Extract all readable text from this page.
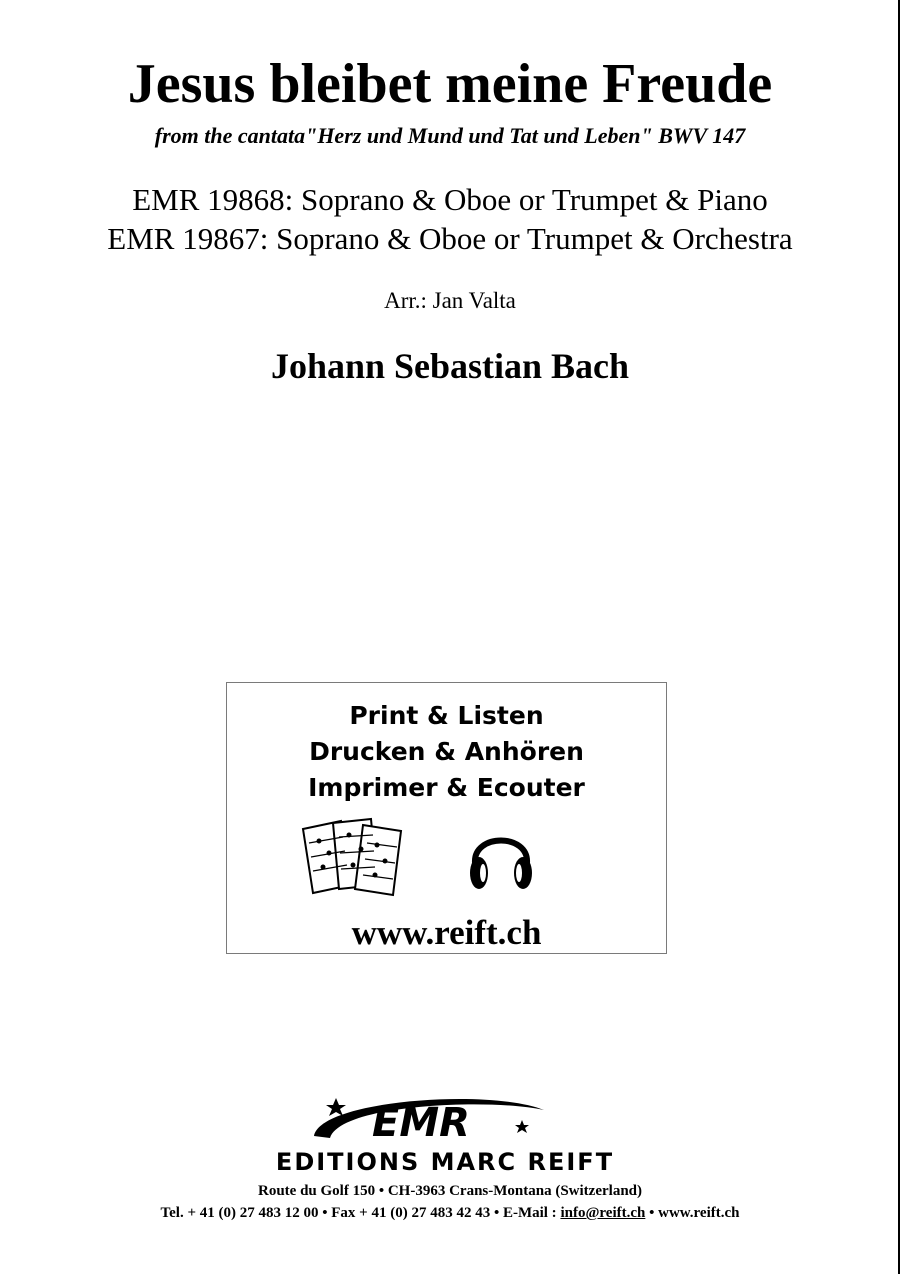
Jesus bleibet meine Freude
from the cantata"Herz und Mund und Tat und Leben" BWV 147
EMR 19868: Soprano & Oboe or Trumpet & Piano
EMR 19867: Soprano & Oboe or Trumpet & Orchestra
Arr.: Jan Valta
Johann Sebastian Bach
Print & Listen
Drucken & Anhören
Imprimer & Ecouter
www.reift.ch
EMR
EDITIONS MARC REIFT
Route du Golf 150 • CH-3963 Crans-Montana (Switzerland)
Tel. + 41 (0) 27 483 12 00 • Fax + 41 (0) 27 483 42 43 • E-Mail : info@reift.ch • www.reift.ch
